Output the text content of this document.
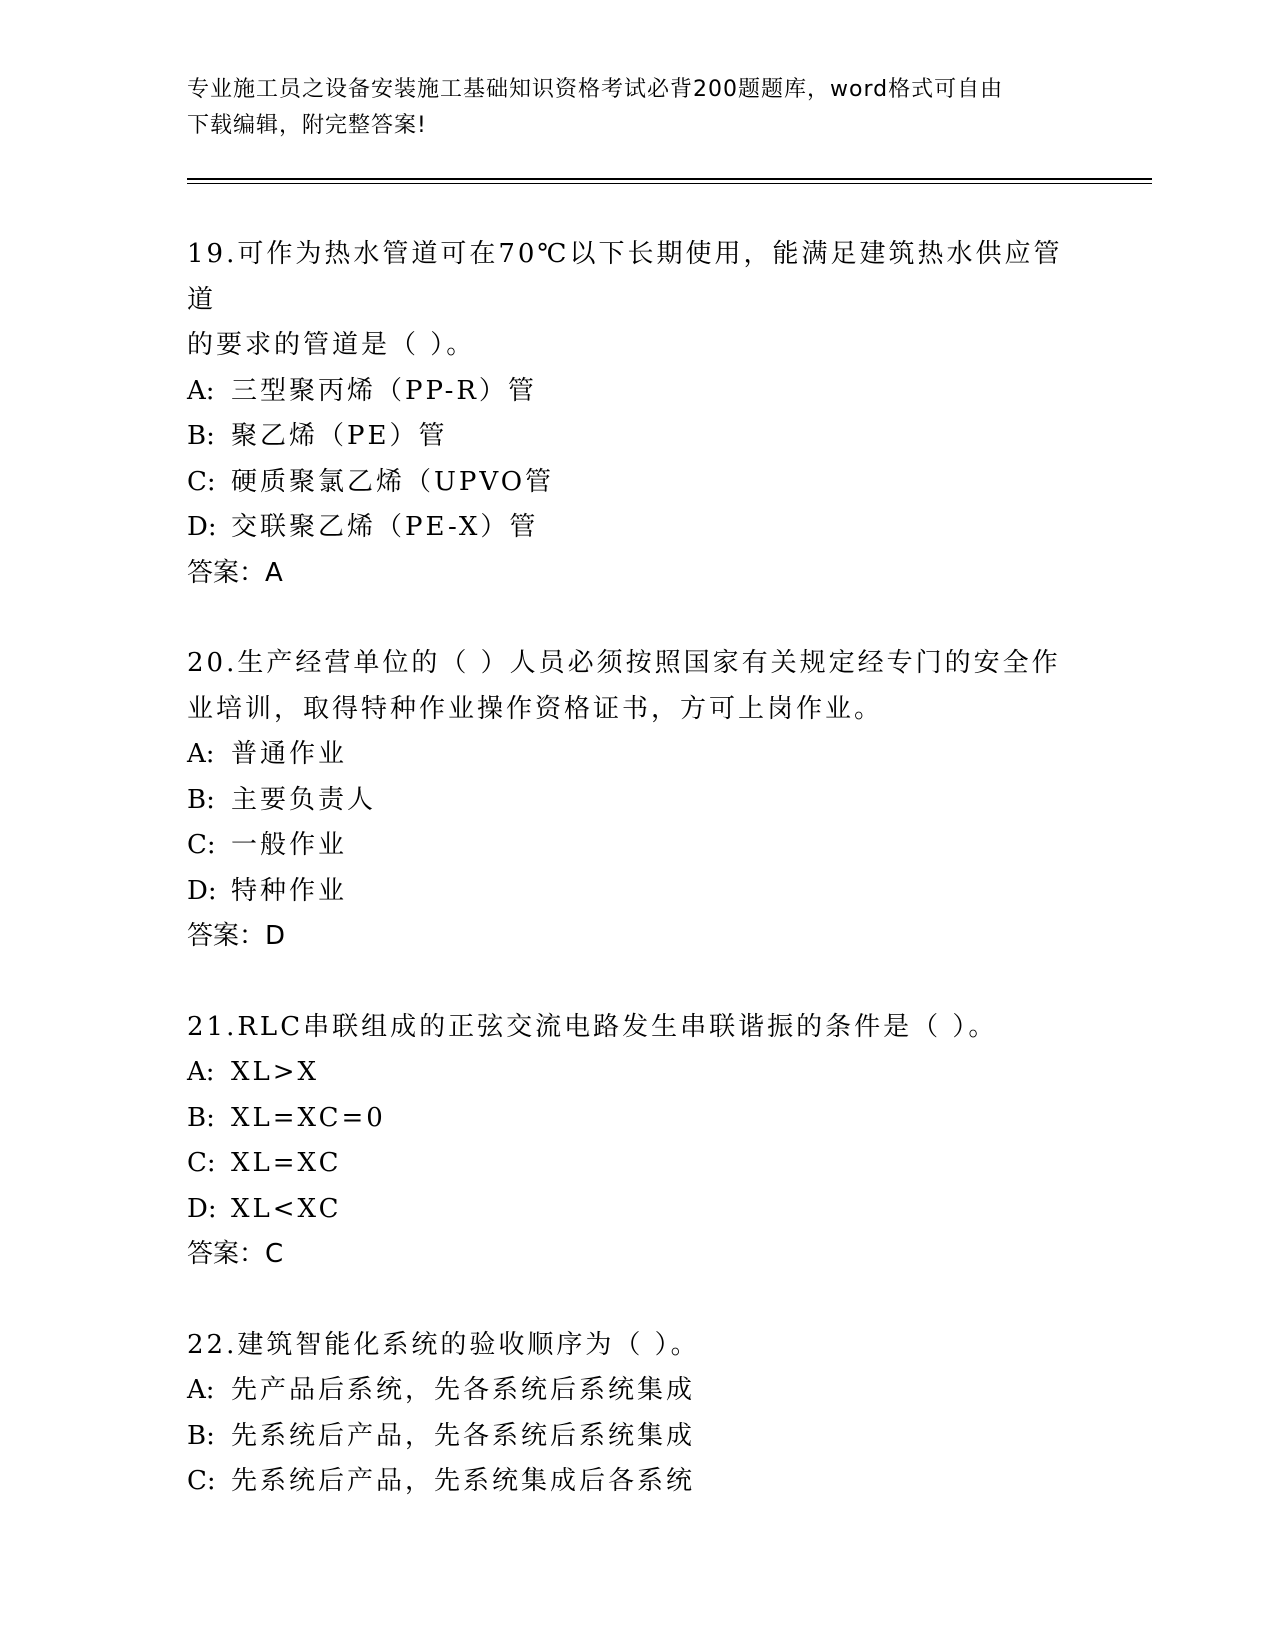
专业施工员之设备安装施工基础知识资格考试必背200题题库，word格式可自由
下载编辑，附完整答案!
19.可作为热水管道可在70℃以下长期使用，能满足建筑热水供应管道
的要求的管道是（ ）。
A: 三型聚丙烯（PP-R）管
B: 聚乙烯（PE）管
C: 硬质聚氯乙烯（UPVO管
D: 交联聚乙烯（PE-X）管
答案：A
20.生产经营单位的（ ）人员必须按照国家有关规定经专门的安全作
业培训，取得特种作业操作资格证书，方可上岗作业。
A: 普通作业
B: 主要负责人
C: 一般作业
D: 特种作业
答案：D
21.RLC串联组成的正弦交流电路发生串联谐振的条件是（ ）。
A: XL>X
B: XL=XC=0
C: XL=XC
D: XL<XC
答案：C
22.建筑智能化系统的验收顺序为（ ）。
A: 先产品后系统，先各系统后系统集成
B: 先系统后产品，先各系统后系统集成
C: 先系统后产品，先系统集成后各系统
